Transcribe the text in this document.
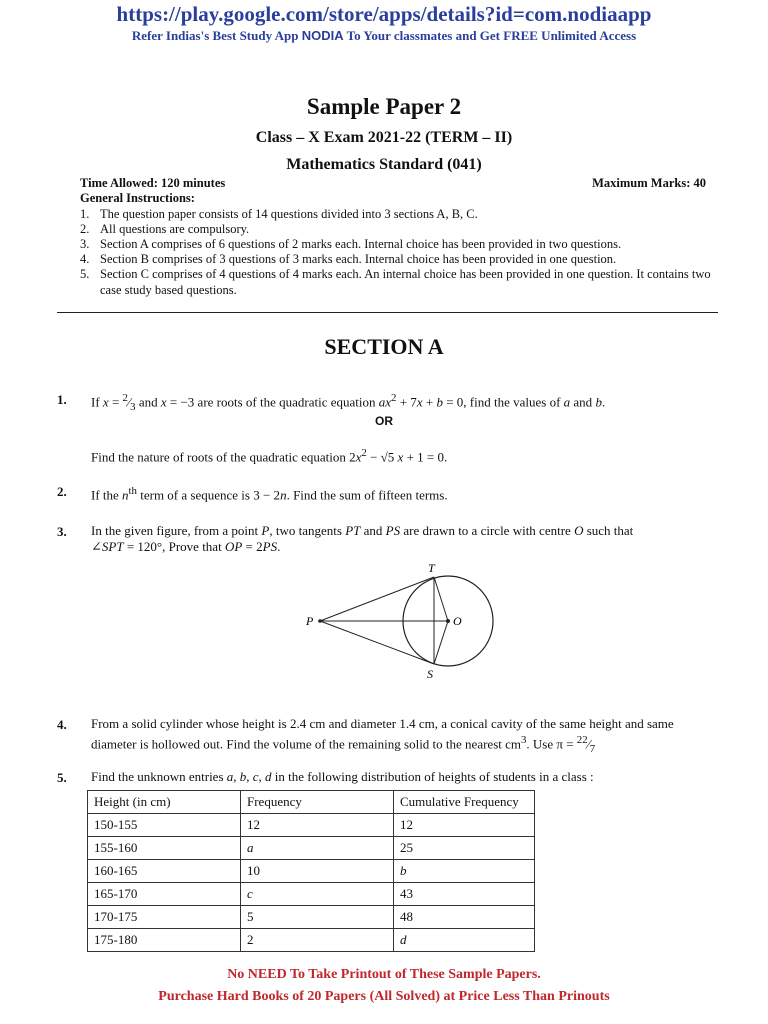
https://play.google.com/store/apps/details?id=com.nodiaapp
Refer Indias's Best Study App NODIA To Your classmates and Get FREE Unlimited Access
Sample Paper 2
Class – X Exam 2021-22 (TERM – II)
Mathematics Standard (041)
Time Allowed: 120 minutes	Maximum Marks: 40
General Instructions:
1. The question paper consists of 14 questions divided into 3 sections A, B, C.
2. All questions are compulsory.
3. Section A comprises of 6 questions of 2 marks each. Internal choice has been provided in two questions.
4. Section B comprises of 3 questions of 3 marks each. Internal choice has been provided in one question.
5. Section C comprises of 4 questions of 4 marks each. An internal choice has been provided in one question. It contains two case study based questions.
SECTION A
1. If $x = ^2⁄_3$ and x = −3 are roots of the quadratic equation $ax^2 + 7x + b = 0$, find the values of a and b.
OR
Find the nature of roots of the quadratic equation $2x^2 - √5$ x + 1 = 0.
2. If the $n^{th}$ term of a sequence is 3 − 2n. Find the sum of fifteen terms.
3. In the given figure, from a point P, two tangents PT and PS are drawn to a circle with centre O such that
∠SPT = 120°, Prove that OP = 2PS.
T
P	O
S
4. From a solid cylinder whose height is 2.4 cm and diameter 1.4 cm, a conical cavity of the same height and same
diameter is hollowed out. Find the volume of the remaining solid to the nearest $cm^3$. Use $\pi = ^{22}⁄_7$
5. Find the unknown entries a, b, c, d in the following distribution of heights of students in a class :
Height (in cm)	Frequency	Cumulative Frequency
150-155	12	12
155-160	a	25
160-165	10	b
165-170	c	43
170-175	5	48
175-180	2	d
No NEED To Take Printout of These Sample Papers.
Purchase Hard Books of 20 Papers (All Solved) at Price Less Than Prinouts
